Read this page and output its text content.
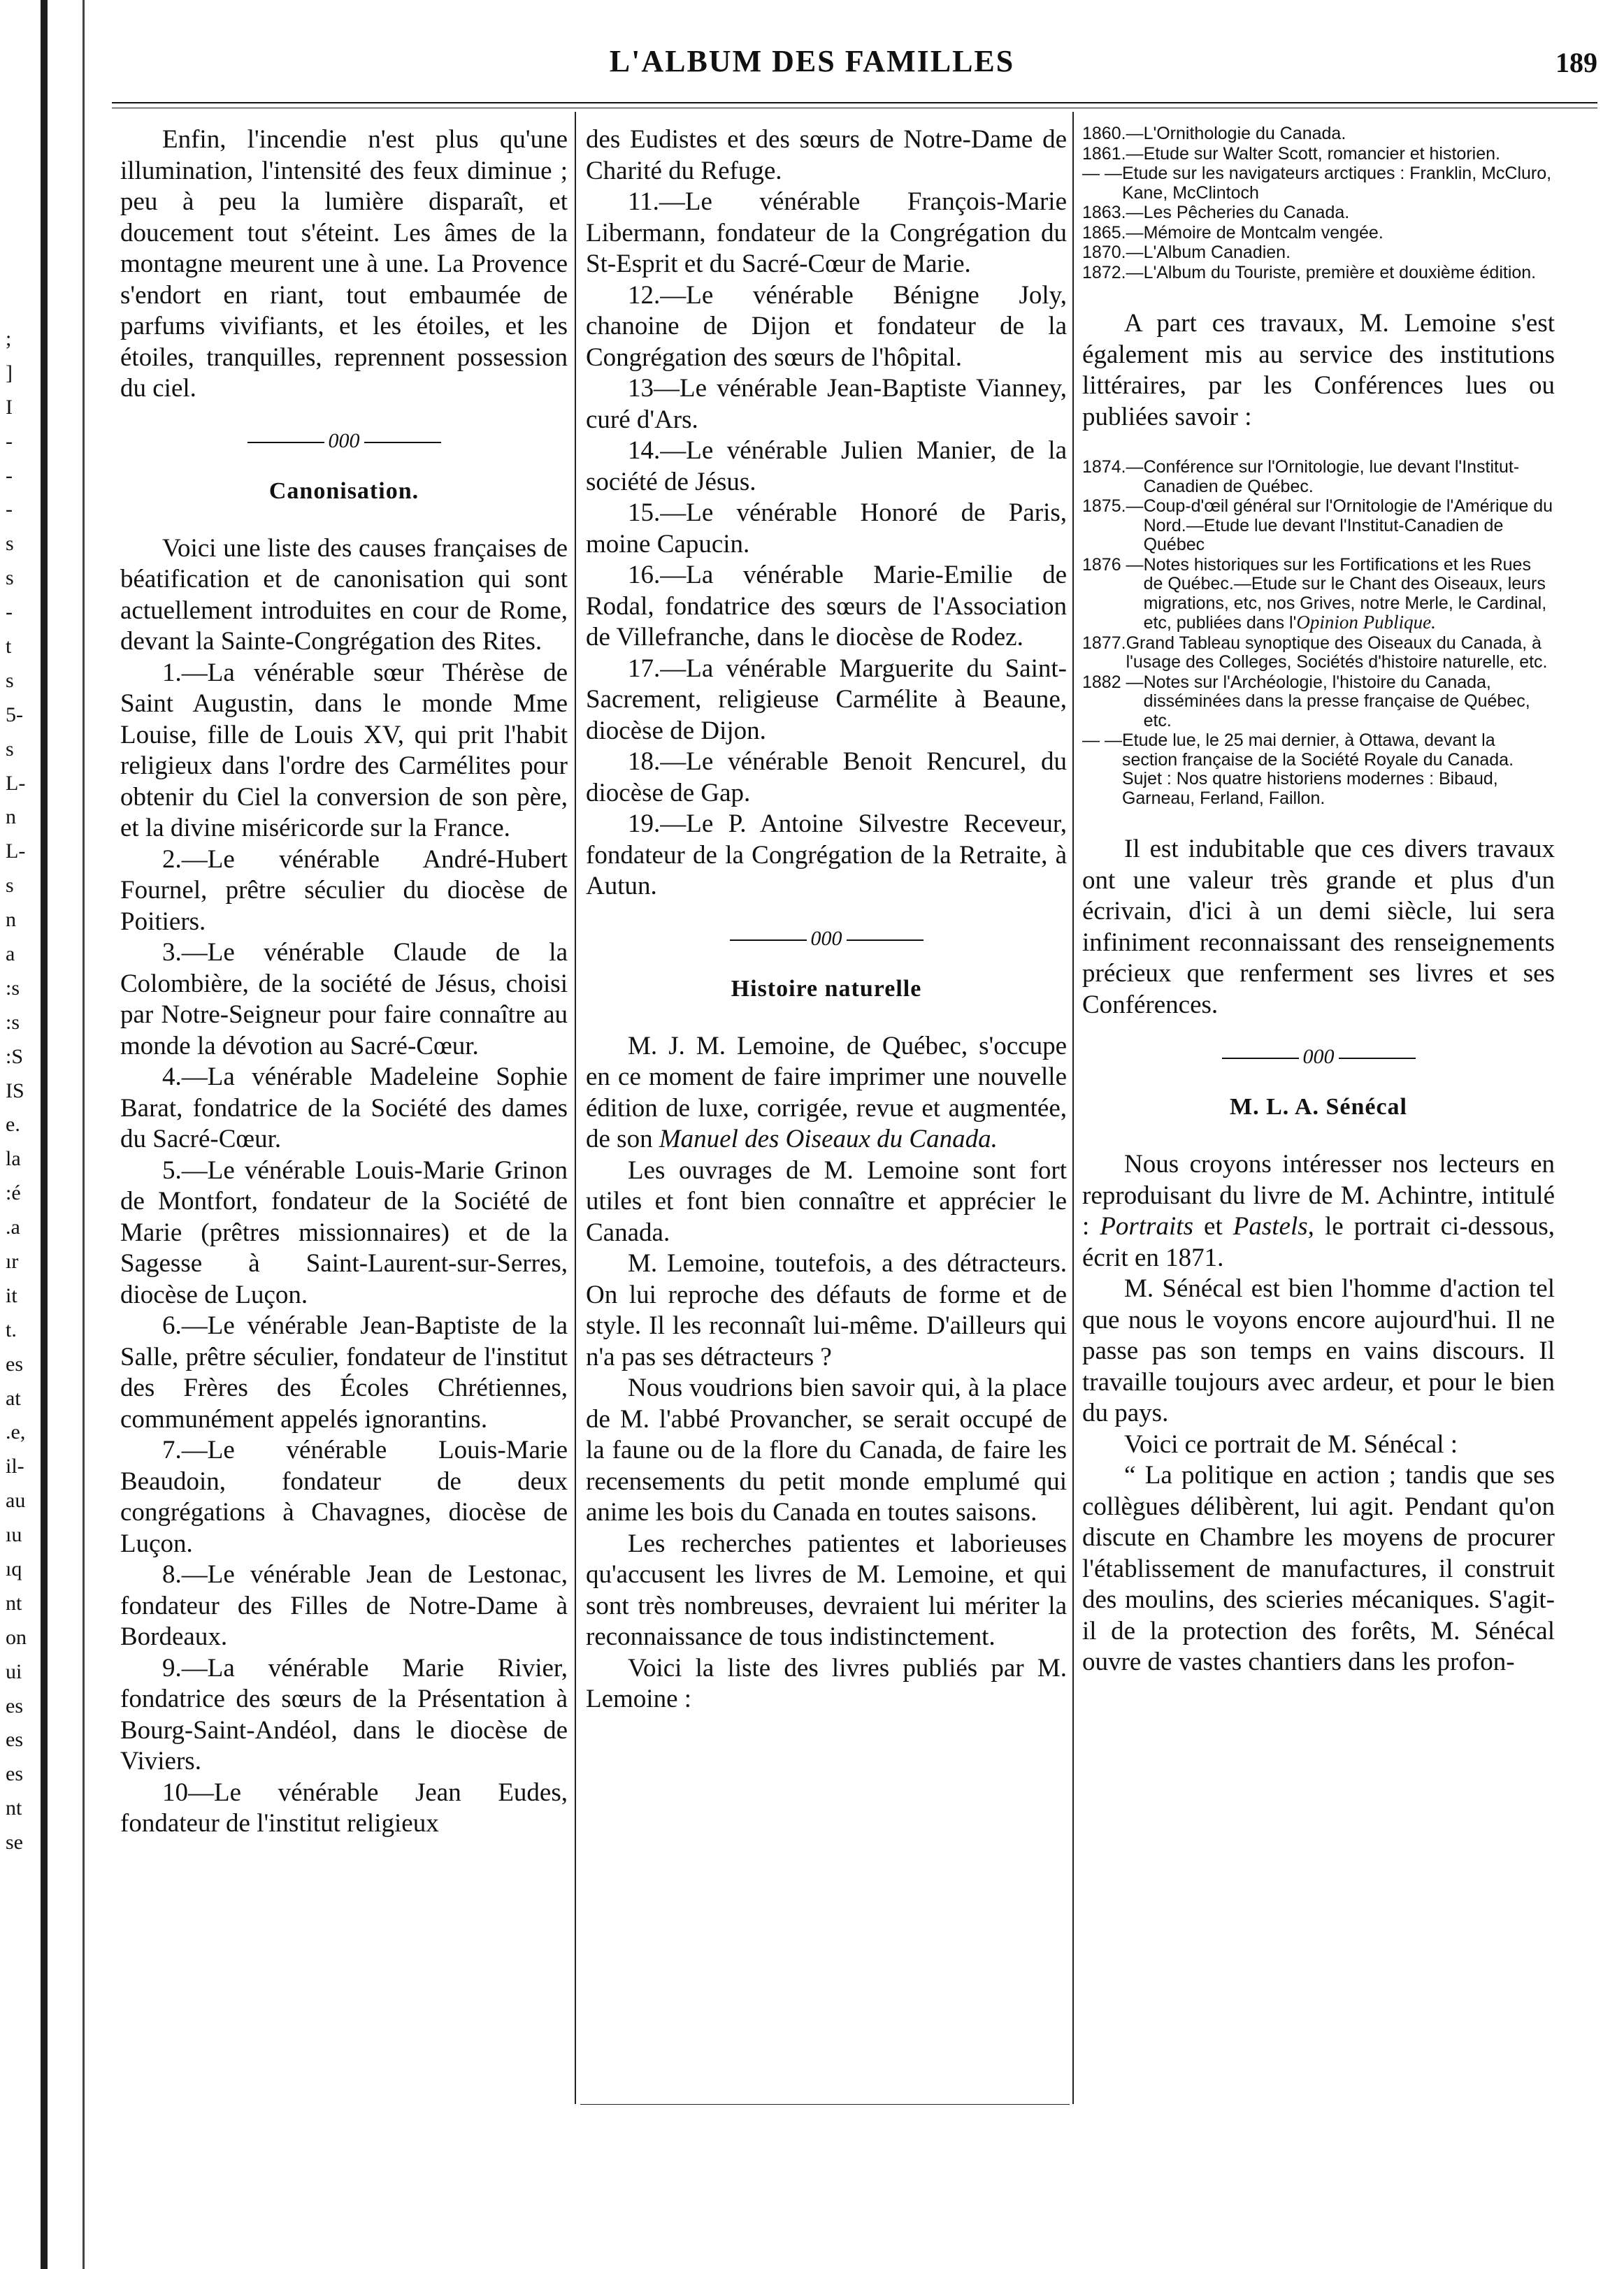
;
]
I
-
-
-
s
s
-
t
s
5-
s
L-
n
L-
s
n
a
:s
:s
:S
IS
e.
la
:é
.a
ır
it
t.
es
at
.e,
il-
au
ıu
ıq
nt
on
ui
es
es
es
nt
se
L'ALBUM DES FAMILLES	189

Enfin, l'incendie n'est plus qu'une illumination, l'intensité des feux diminue ; peu à peu la lumière disparaît, et doucement tout s'éteint. Les âmes de la montagne meurent une à une. La Provence s'endort en riant, tout embaumée de parfums vivifiants, et les étoiles, et les étoiles, tranquilles, reprennent possession du ciel.

000
Canonisation.

Voici une liste des causes françaises de béatification et de canonisation qui sont actuellement introduites en cour de Rome, devant la Sainte-Congrégation des Rites.

1.—La vénérable sœur Thérèse de Saint Augustin, dans le monde Mme Louise, fille de Louis XV, qui prit l'habit religieux dans l'ordre des Carmélites pour obtenir du Ciel la conversion de son père, et la divine miséricorde sur la France.

2.—Le vénérable André-Hubert Fournel, prêtre séculier du diocèse de Poitiers.

3.—Le vénérable Claude de la Colombière, de la société de Jésus, choisi par Notre-Seigneur pour faire connaître au monde la dévotion au Sacré-Cœur.

4.—La vénérable Madeleine Sophie Barat, fondatrice de la Société des dames du Sacré-Cœur.

5.—Le vénérable Louis-Marie Grinon de Montfort, fondateur de la Société de Marie (prêtres missionnaires) et de la Sagesse à Saint-Laurent-sur-Serres, diocèse de Luçon.

6.—Le vénérable Jean-Baptiste de la Salle, prêtre séculier, fondateur de l'institut des Frères des Écoles Chrétiennes, communément appelés ignorantins.

7.—Le vénérable Louis-Marie Beaudoin, fondateur de deux congrégations à Chavagnes, diocèse de Luçon.

8.—Le vénérable Jean de Lestonac, fondateur des Filles de Notre-Dame à Bordeaux.

9.—La vénérable Marie Rivier, fondatrice des sœurs de la Présentation à Bourg-Saint-Andéol, dans le diocèse de Viviers.

10—Le vénérable Jean Eudes, fondateur de l'institut religieux

des Eudistes et des sœurs de Notre-Dame de Charité du Refuge.

11.—Le vénérable François-Marie Libermann, fondateur de la Congrégation du St-Esprit et du Sacré-Cœur de Marie.

12.—Le vénérable Bénigne Joly, chanoine de Dijon et fondateur de la Congrégation des sœurs de l'hôpital.

13—Le vénérable Jean-Baptiste Vianney, curé d'Ars.

14.—Le vénérable Julien Manier, de la société de Jésus.

15.—Le vénérable Honoré de Paris, moine Capucin.

16.—La vénérable Marie-Emilie de Rodal, fondatrice des sœurs de l'Association de Villefranche, dans le diocèse de Rodez.

17.—La vénérable Marguerite du Saint-Sacrement, religieuse Carmélite à Beaune, diocèse de Dijon.

18.—Le vénérable Benoit Rencurel, du diocèse de Gap.

19.—Le P. Antoine Silvestre Receveur, fondateur de la Congrégation de la Retraite, à Autun.

000
Histoire naturelle

M. J. M. Lemoine, de Québec, s'occupe en ce moment de faire imprimer une nouvelle édition de luxe, corrigée, revue et augmentée, de son Manuel des Oiseaux du Canada.

Les ouvrages de M. Lemoine sont fort utiles et font bien connaître et apprécier le Canada.

M. Lemoine, toutefois, a des détracteurs. On lui reproche des défauts de forme et de style. Il les reconnaît lui-même. D'ailleurs qui n'a pas ses détracteurs ?

Nous voudrions bien savoir qui, à la place de M. l'abbé Provancher, se serait occupé de la faune ou de la flore du Canada, de faire les recensements du petit monde emplumé qui anime les bois du Canada en toutes saisons.

Les recherches patientes et laborieuses qu'accusent les livres de M. Lemoine, et qui sont très nombreuses, devraient lui mériter la reconnaissance de tous indistinctement.

Voici la liste des livres publiés par M. Lemoine :

1860.— L'Ornithologie du Canada.
1861.— Etude sur Walter Scott, romancier et historien.
— — Etude sur les navigateurs arctiques : Franklin, McCluro, Kane, McClintoch
1863.— Les Pêcheries du Canada.
1865.— Mémoire de Montcalm vengée.
1870.— L'Album Canadien.
1872.— L'Album du Touriste, première et douxième édition.

A part ces travaux, M. Lemoine s'est également mis au service des institutions littéraires, par les Conférences lues ou publiées savoir :

1874.— Conférence sur l'Ornitologie, lue devant l'Institut-Canadien de Québec.
1875.— Coup-d'œil général sur l'Ornitologie de l'Amérique du Nord.—Etude lue devant l'Institut-Canadien de Québec
1876 — Notes historiques sur les Fortifications et les Rues de Québec.—Etude sur le Chant des Oiseaux, leurs migrations, etc, nos Grives, notre Merle, le Cardinal, etc, publiées dans l'Opinion Publique.
1877. Grand Tableau synoptique des Oiseaux du Canada, à l'usage des Colleges, Sociétés d'histoire naturelle, etc.
1882 — Notes sur l'Archéologie, l'histoire du Canada, disséminées dans la presse française de Québec, etc.
— — Etude lue, le 25 mai dernier, à Ottawa, devant la section française de la Société Royale du Canada. Sujet : Nos quatre historiens modernes : Bibaud, Garneau, Ferland, Faillon.

Il est indubitable que ces divers travaux ont une valeur très grande et plus d'un écrivain, d'ici à un demi siècle, lui sera infiniment reconnaissant des renseignements précieux que renferment ses livres et ses Conférences.

000
M. L. A. Sénécal

Nous croyons intéresser nos lecteurs en reproduisant du livre de M. Achintre, intitulé : Portraits et Pastels, le portrait ci-dessous, écrit en 1871.

M. Sénécal est bien l'homme d'action tel que nous le voyons encore aujourd'hui. Il ne passe pas son temps en vains discours. Il travaille toujours avec ardeur, et pour le bien du pays.

Voici ce portrait de M. Sénécal :

“ La politique en action ; tandis que ses collègues délibèrent, lui agit. Pendant qu'on discute en Chambre les moyens de procurer l'établissement de manufactures, il construit des moulins, des scieries mécaniques. S'agit-il de la protection des forêts, M. Sénécal ouvre de vastes chantiers dans les profon-
